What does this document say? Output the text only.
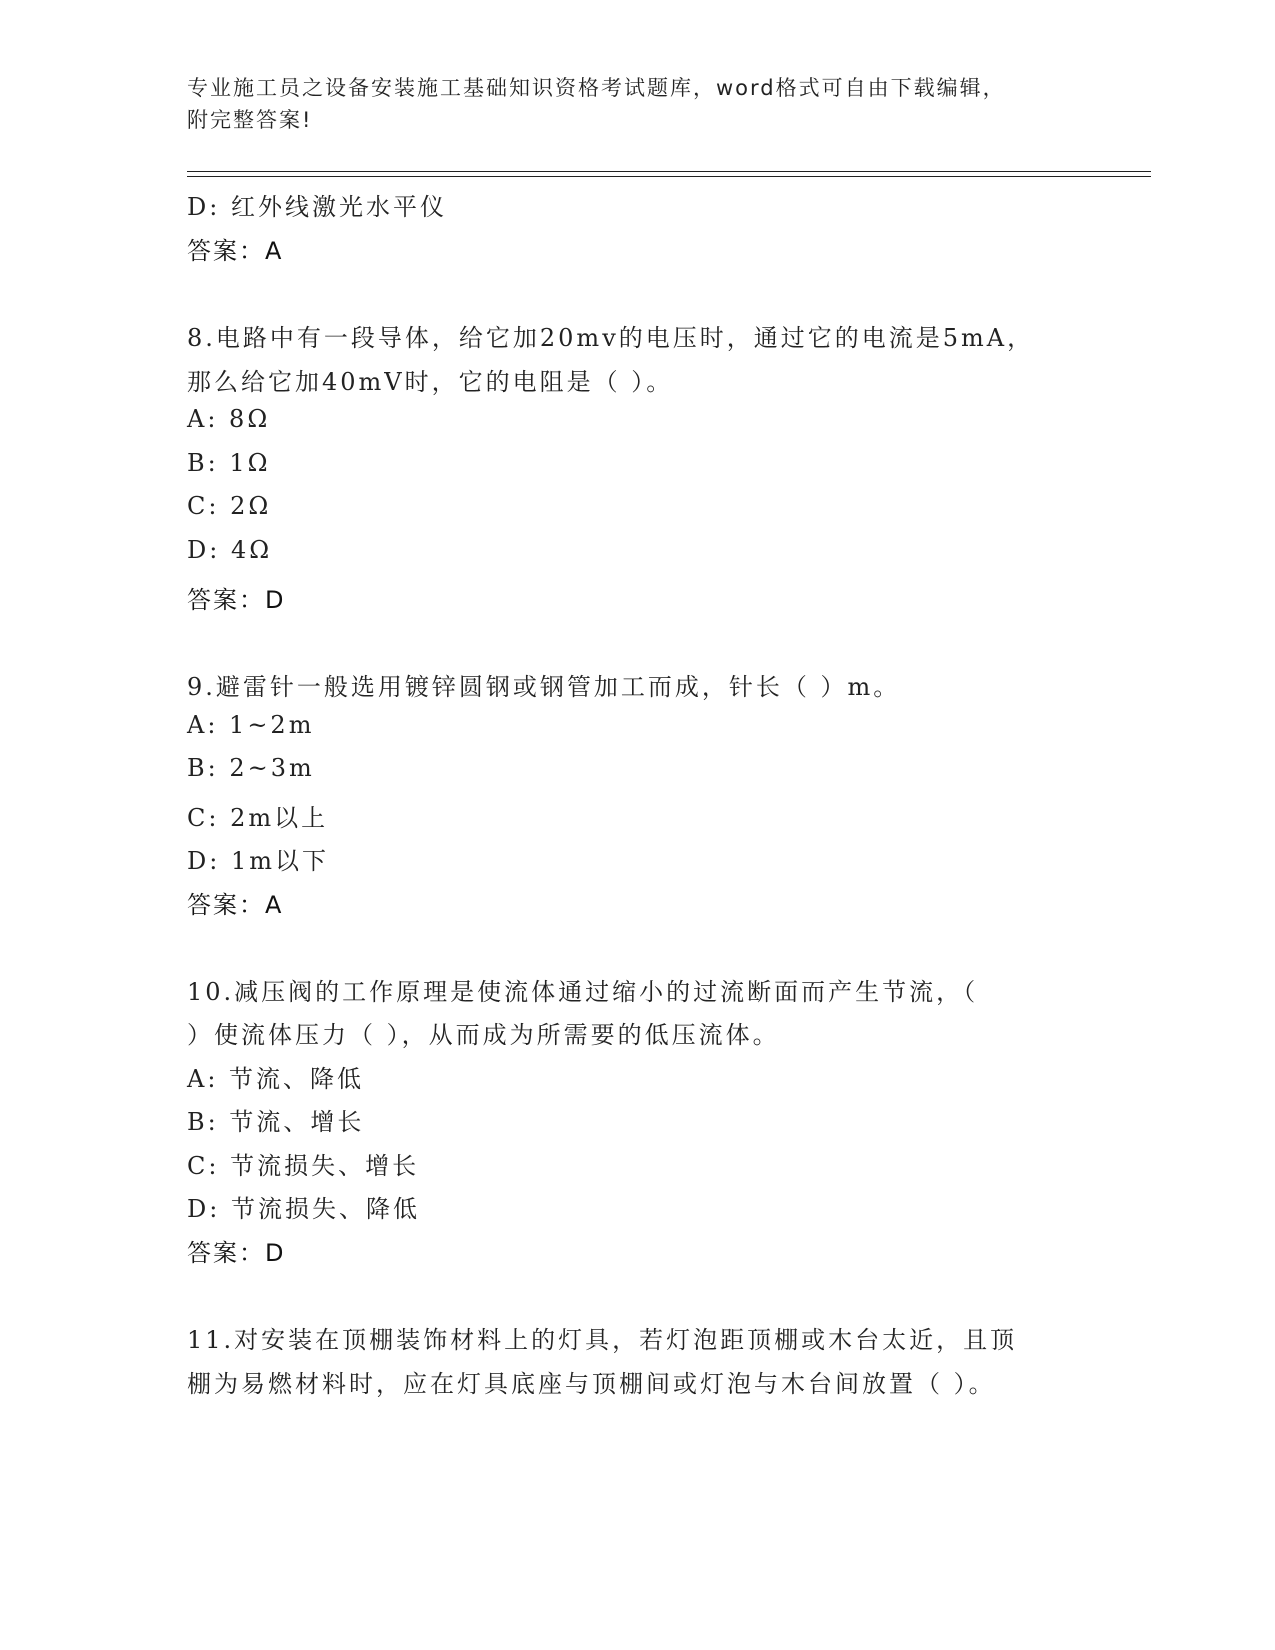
专业施工员之设备安装施工基础知识资格考试题库，word格式可自由下载编辑，
附完整答案!
D: 红外线激光水平仪
答案：A
8.电路中有一段导体，给它加20mv的电压时，通过它的电流是5mA，
那么给它加40mV时，它的电阻是（ ）。
A: 8Ω
B: 1Ω
C: 2Ω
D: 4Ω
答案：D
9.避雷针一般选用镀锌圆钢或钢管加工而成，针长（ ）m。
A: 1~2m
B: 2~3m
C: 2m以上
D: 1m以下
答案：A
10.减压阀的工作原理是使流体通过缩小的过流断面而产生节流，（
）使流体压力（ ），从而成为所需要的低压流体。
A: 节流、降低
B: 节流、增长
C: 节流损失、增长
D: 节流损失、降低
答案：D
11.对安装在顶棚装饰材料上的灯具，若灯泡距顶棚或木台太近，且顶
棚为易燃材料时，应在灯具底座与顶棚间或灯泡与木台间放置（ ）。
